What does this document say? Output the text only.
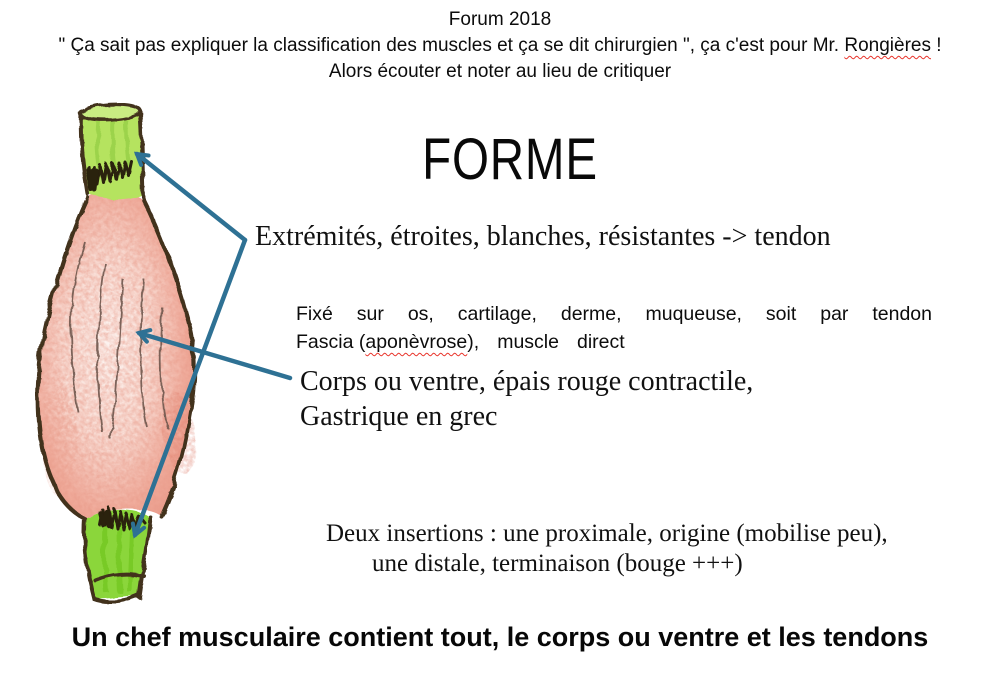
Forum 2018
" Ça sait pas expliquer la classification des muscles et ça se dit chirurgien ", ça c'est pour Mr. Rongières !
Alors écouter et noter au lieu de critiquer
FORME
Extrémités, étroites, blanches, résistantes -> tendon
Fixé sur os, cartilage, derme, muqueuse, soit par tendon
Fascia (aponèvrose), muscle direct
Corps ou ventre, épais rouge contractile,
Gastrique en grec
Deux insertions : une proximale, origine (mobilise peu),
une distale, terminaison (bouge +++)
Un chef musculaire contient tout, le corps ou ventre et les tendons
